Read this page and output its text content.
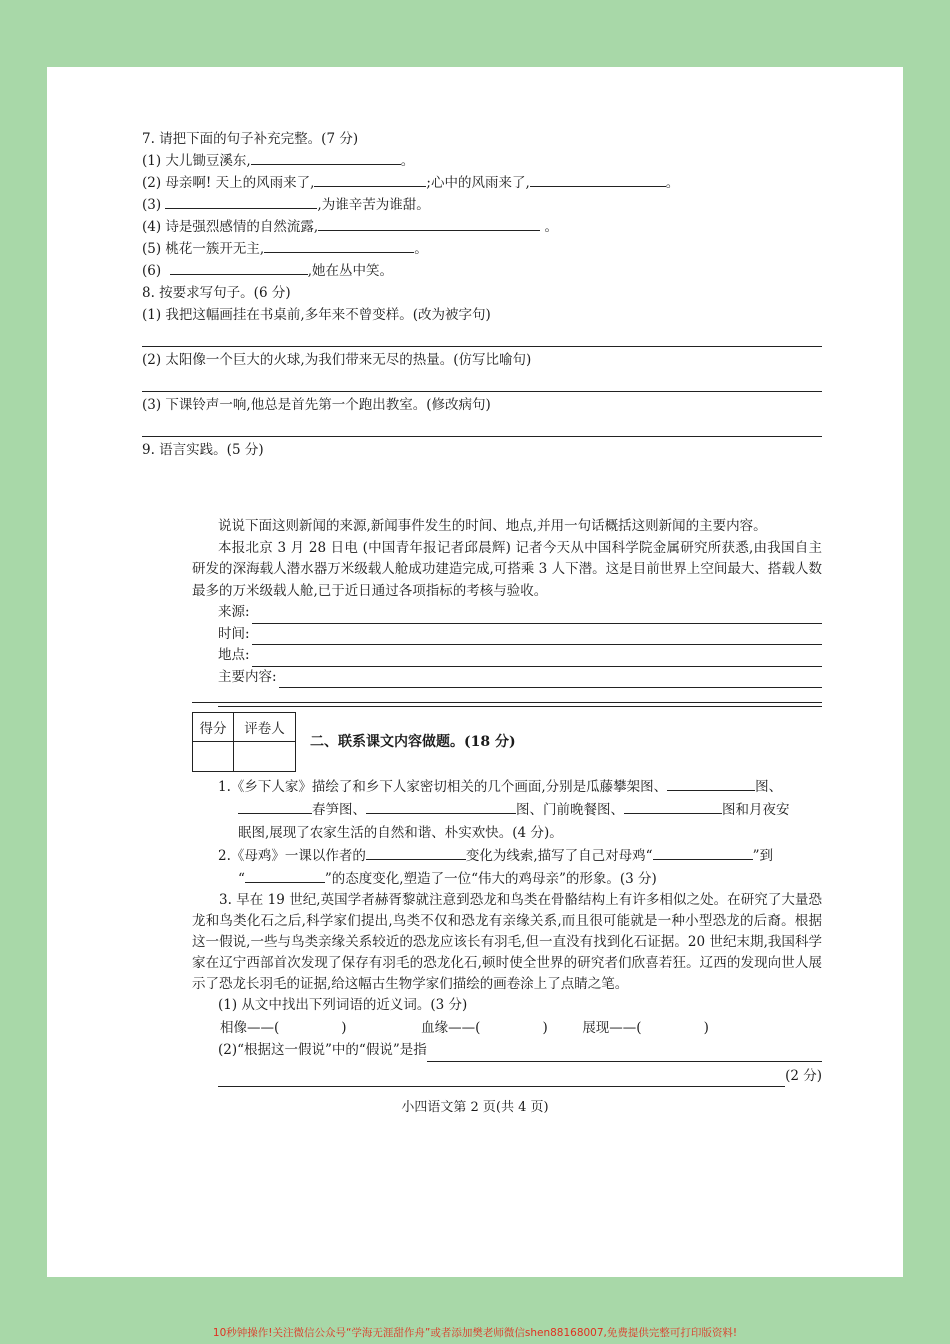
7. 请把下面的句子补充完整。(7 分)
(1) 大儿锄豆溪东,	。
(2) 母亲啊! 天上的风雨来了,	;心中的风雨来了,	。
(3)	,为谁辛苦为谁甜。
(4) 诗是强烈感情的自然流露,	。
(5) 桃花一簇开无主,	。
(6)	,她在丛中笑。
8. 按要求写句子。(6 分)
(1) 我把这幅画挂在书桌前,多年来不曾变样。(改为被字句)
(2) 太阳像一个巨大的火球,为我们带来无尽的热量。(仿写比喻句)
(3) 下课铃声一响,他总是首先第一个跑出教室。(修改病句)
9. 语言实践。(5 分)
说说下面这则新闻的来源,新闻事件发生的时间、地点,并用一句话概括这则新闻的主要内容。
本报北京 3 月 28 日电 (中国青年报记者邱晨辉) 记者今天从中国科学院金属研究所获悉,由我国自主研发的深海载人潜水器万米级载人舱成功建造完成,可搭乘 3 人下潜。这是目前世界上空间最大、搭载人数最多的万米级载人舱,已于近日通过各项指标的考核与验收。
来源:
时间:
地点:
主要内容:
得分	评卷人
二、联系课文内容做题。(18 分)
1.《乡下人家》描绘了和乡下人家密切相关的几个画面,分别是瓜藤攀架图、	图、
春笋图、	图、门前晚餐图、	图和月夜安
眠图,展现了农家生活的自然和谐、朴实欢快。(4 分)。
2.《母鸡》一课以作者的	变化为线索,描写了自己对母鸡“	”到
“	”的态度变化,塑造了一位“伟大的鸡母亲”的形象。(3 分)
3. 早在 19 世纪,英国学者赫胥黎就注意到恐龙和鸟类在骨骼结构上有许多相似之处。在研究了大量恐龙和鸟类化石之后,科学家们提出,鸟类不仅和恐龙有亲缘关系,而且很可能就是一种小型恐龙的后裔。根据这一假说,一些与鸟类亲缘关系较近的恐龙应该长有羽毛,但一直没有找到化石证据。20 世纪末期,我国科学家在辽宁西部首次发现了保存有羽毛的恐龙化石,顿时使全世界的研究者们欣喜若狂。辽西的发现向世人展示了恐龙长羽毛的证据,给这幅古生物学家们描绘的画卷涂上了点睛之笔。
(1) 从文中找出下列词语的近义词。(3 分)
相像——(	)	血缘——(	)	展现——(	)
(2)“根据这一假说”中的“假说”是指
(2 分)
小四语文第 2 页(共 4 页)
10秒钟操作!关注微信公众号“学海无涯甜作舟”或者添加樊老师微信shen88168007,免费提供完整可打印版资料!
